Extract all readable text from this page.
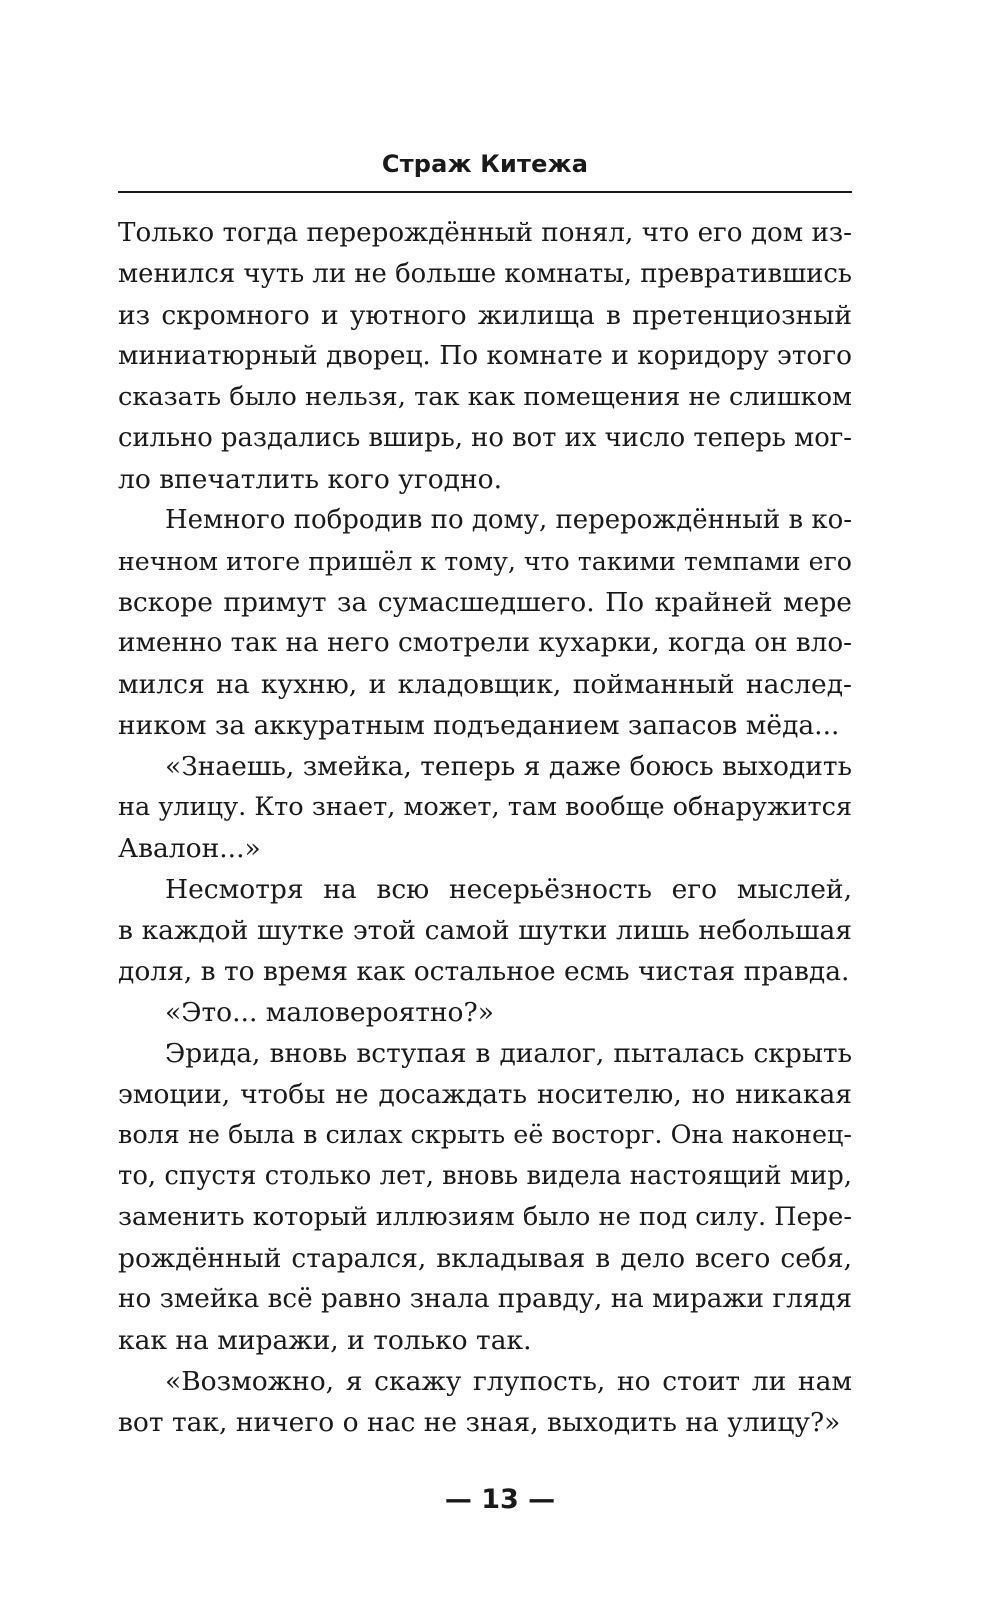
Страж Китежа
Только тогда перерождённый понял, что его дом из-
менился чуть ли не больше комнаты, превратившись
из скромного и уютного жилища в претенциозный
миниатюрный дворец. По комнате и коридору этого
сказать было нельзя, так как помещения не слишком
сильно раздались вширь, но вот их число теперь мог-
ло впечатлить кого угодно.
Немного побродив по дому, перерождённый в ко-
нечном итоге пришёл к тому, что такими темпами его
вскоре примут за сумасшедшего. По крайней мере
именно так на него смотрели кухарки, когда он вло-
мился на кухню, и кладовщик, пойманный наслед-
ником за аккуратным подъеданием запасов мёда...
«Знаешь, змейка, теперь я даже боюсь выходить
на улицу. Кто знает, может, там вообще обнаружится
Авалон...»
Несмотря на всю несерьёзность его мыслей,
в каждой шутке этой самой шутки лишь небольшая
доля, в то время как остальное есмь чистая правда.
«Это... маловероятно?»
Эрида, вновь вступая в диалог, пыталась скрыть
эмоции, чтобы не досаждать носителю, но никакая
воля не была в силах скрыть её восторг. Она наконец-
то, спустя столько лет, вновь видела настоящий мир,
заменить который иллюзиям было не под силу. Пере-
рождённый старался, вкладывая в дело всего себя,
но змейка всё равно знала правду, на миражи глядя
как на миражи, и только так.
«Возможно, я скажу глупость, но стоит ли нам
вот так, ничего о нас не зная, выходить на улицу?»
— 13 —
